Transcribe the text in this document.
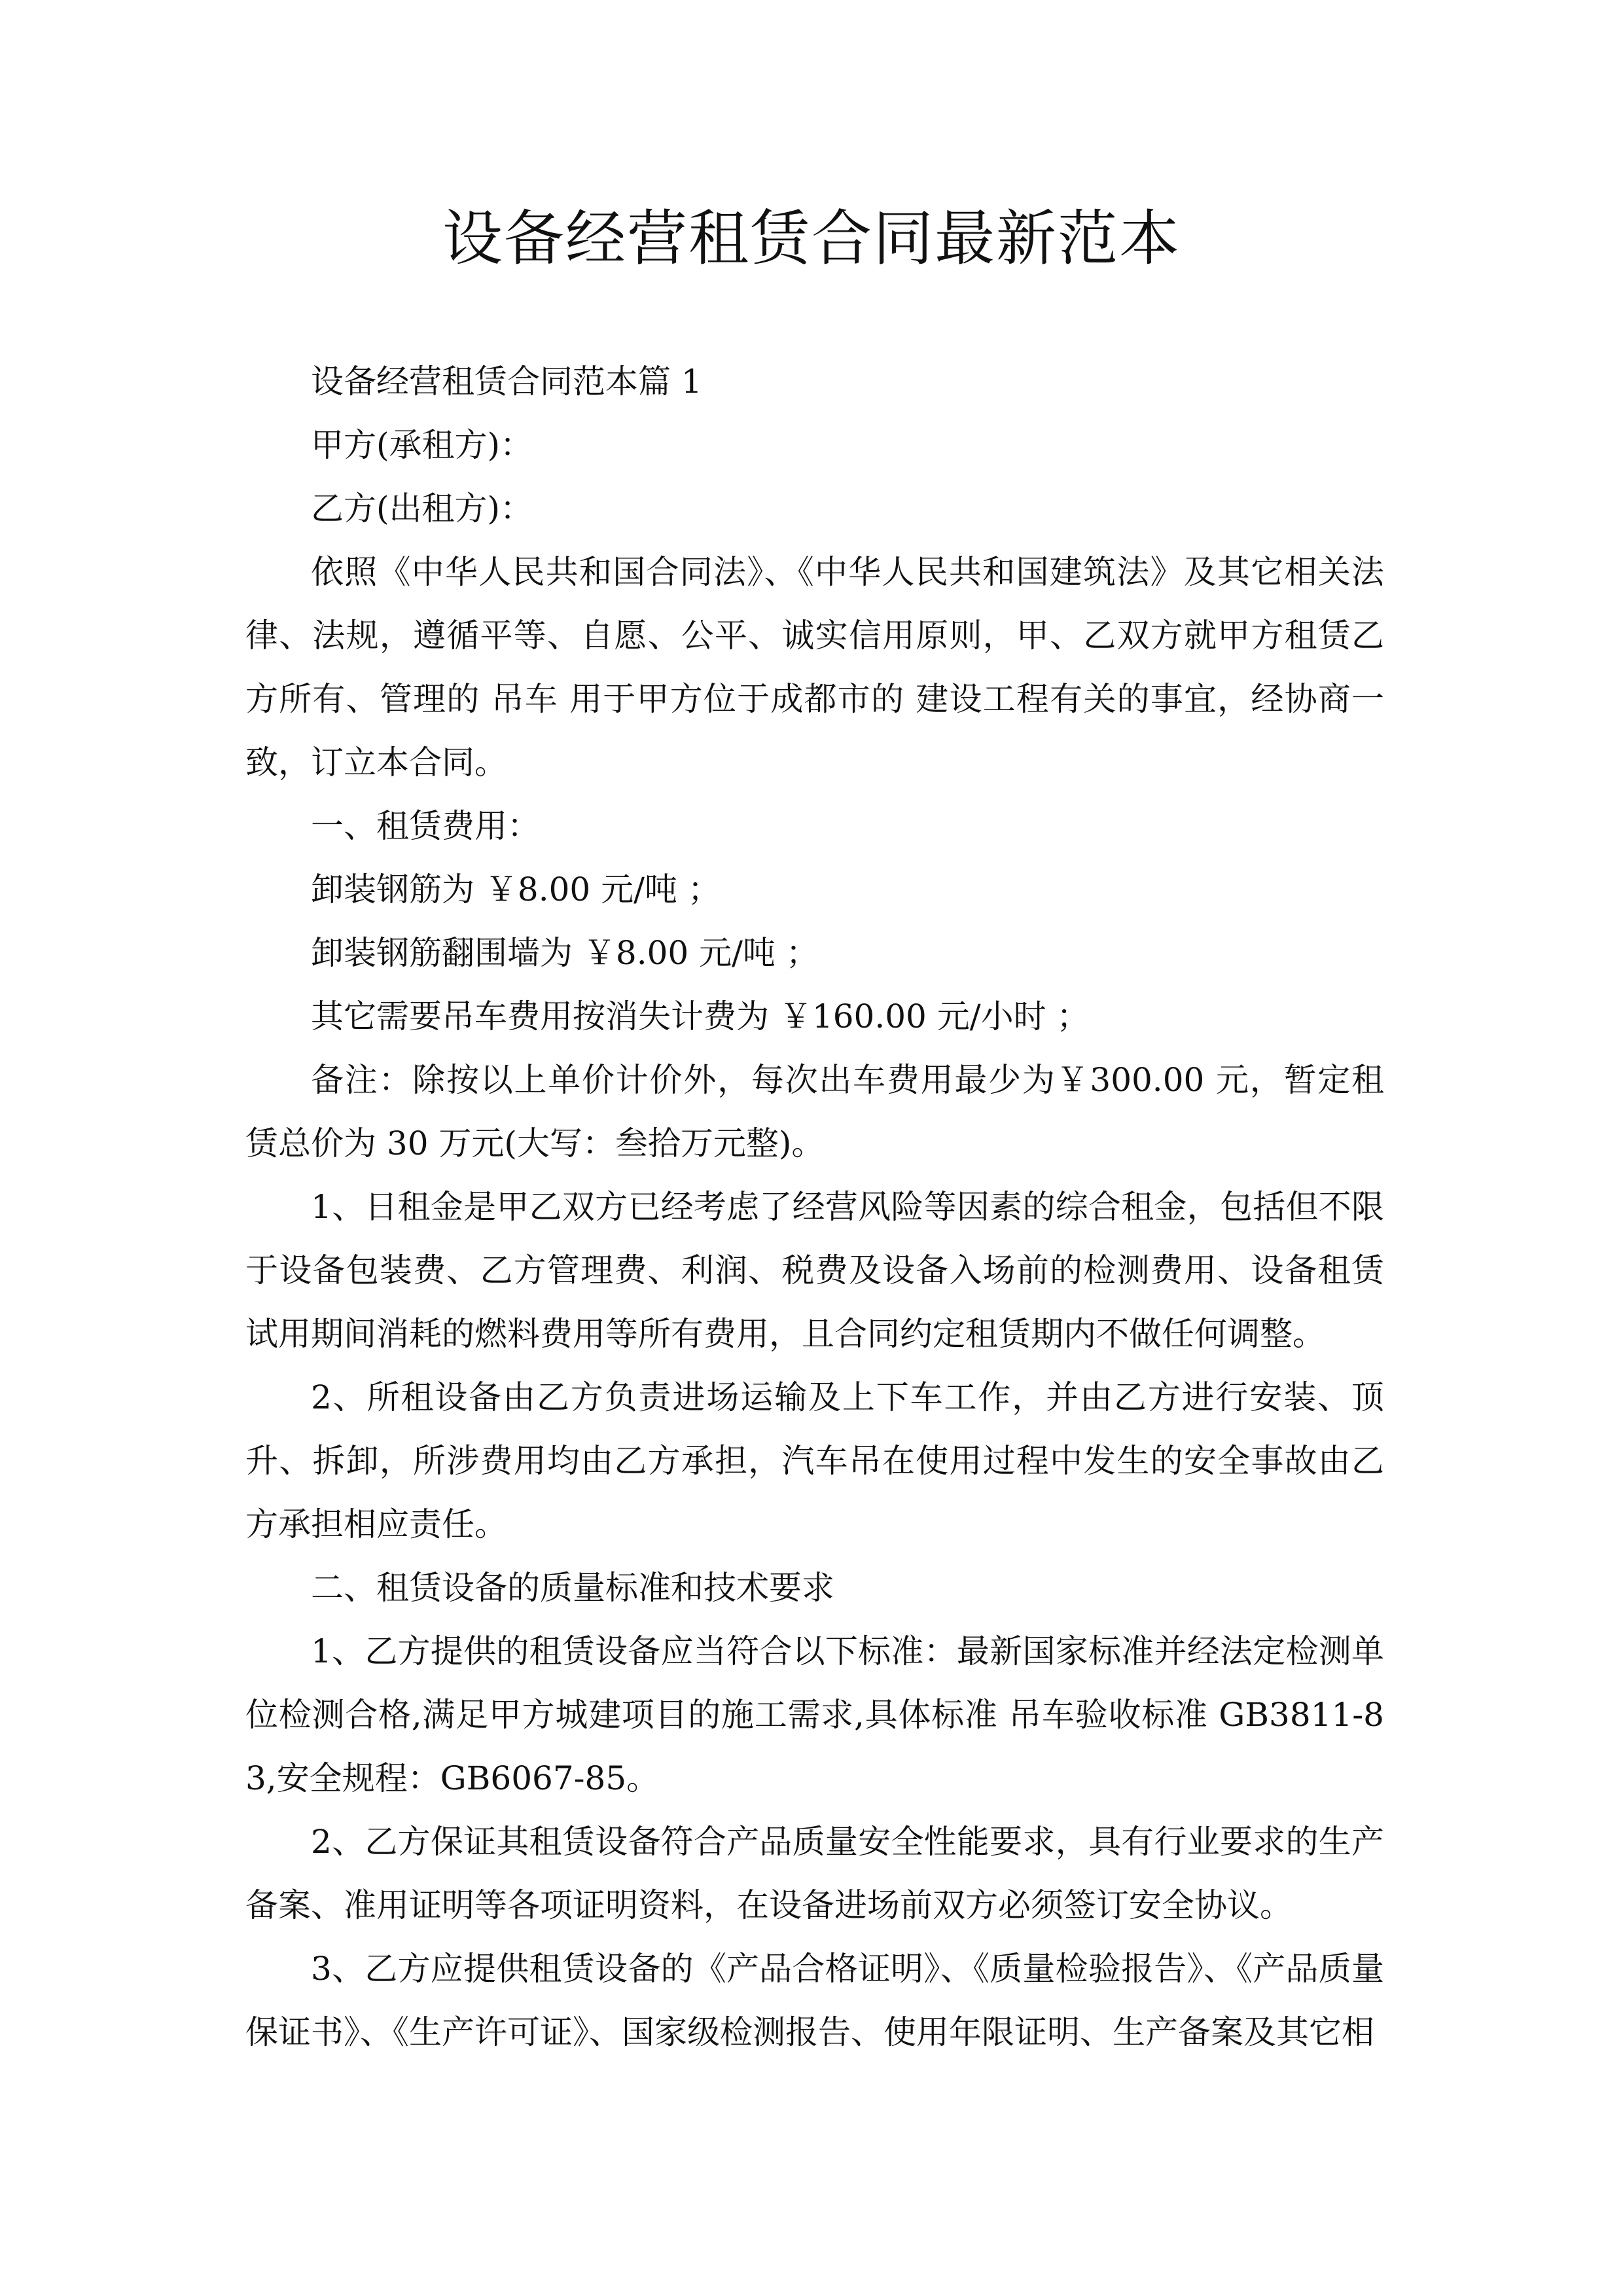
设备经营租赁合同最新范本

设备经营租赁合同范本篇 1

甲方(承租方)：

乙方(出租方)：

依照《中华人民共和国合同法》、《中华人民共和国建筑法》及其它相关法律、法规，遵循平等、自愿、公平、诚实信用原则，甲、乙双方就甲方租赁乙方所有、管理的 吊车 用于甲方位于成都市的 建设工程有关的事宜，经协商一致，订立本合同。

一、租赁费用：

卸装钢筋为 ￥8.00 元/吨 ；

卸装钢筋翻围墙为 ￥8.00 元/吨 ；

其它需要吊车费用按消失计费为 ￥160.00 元/小时 ；

备注：除按以上单价计价外，每次出车费用最少为￥300.00 元，暂定租赁总价为 30 万元(大写：叁拾万元整)。

1、日租金是甲乙双方已经考虑了经营风险等因素的综合租金，包括但不限于设备包装费、乙方管理费、利润、税费及设备入场前的检测费用、设备租赁试用期间消耗的燃料费用等所有费用，且合同约定租赁期内不做任何调整。

2、所租设备由乙方负责进场运输及上下车工作，并由乙方进行安装、顶升、拆卸，所涉费用均由乙方承担，汽车吊在使用过程中发生的安全事故由乙方承担相应责任。

二、租赁设备的质量标准和技术要求

1、乙方提供的租赁设备应当符合以下标准：最新国家标准并经法定检测单位检测合格,满足甲方城建项目的施工需求,具体标准 吊车验收标准 GB3811-83,安全规程：GB6067-85。

2、乙方保证其租赁设备符合产品质量安全性能要求，具有行业要求的生产备案、准用证明等各项证明资料，在设备进场前双方必须签订安全协议。

3、乙方应提供租赁设备的《产品合格证明》、《质量检验报告》、《产品质量保证书》、《生产许可证》、国家级检测报告、使用年限证明、生产备案及其它相
